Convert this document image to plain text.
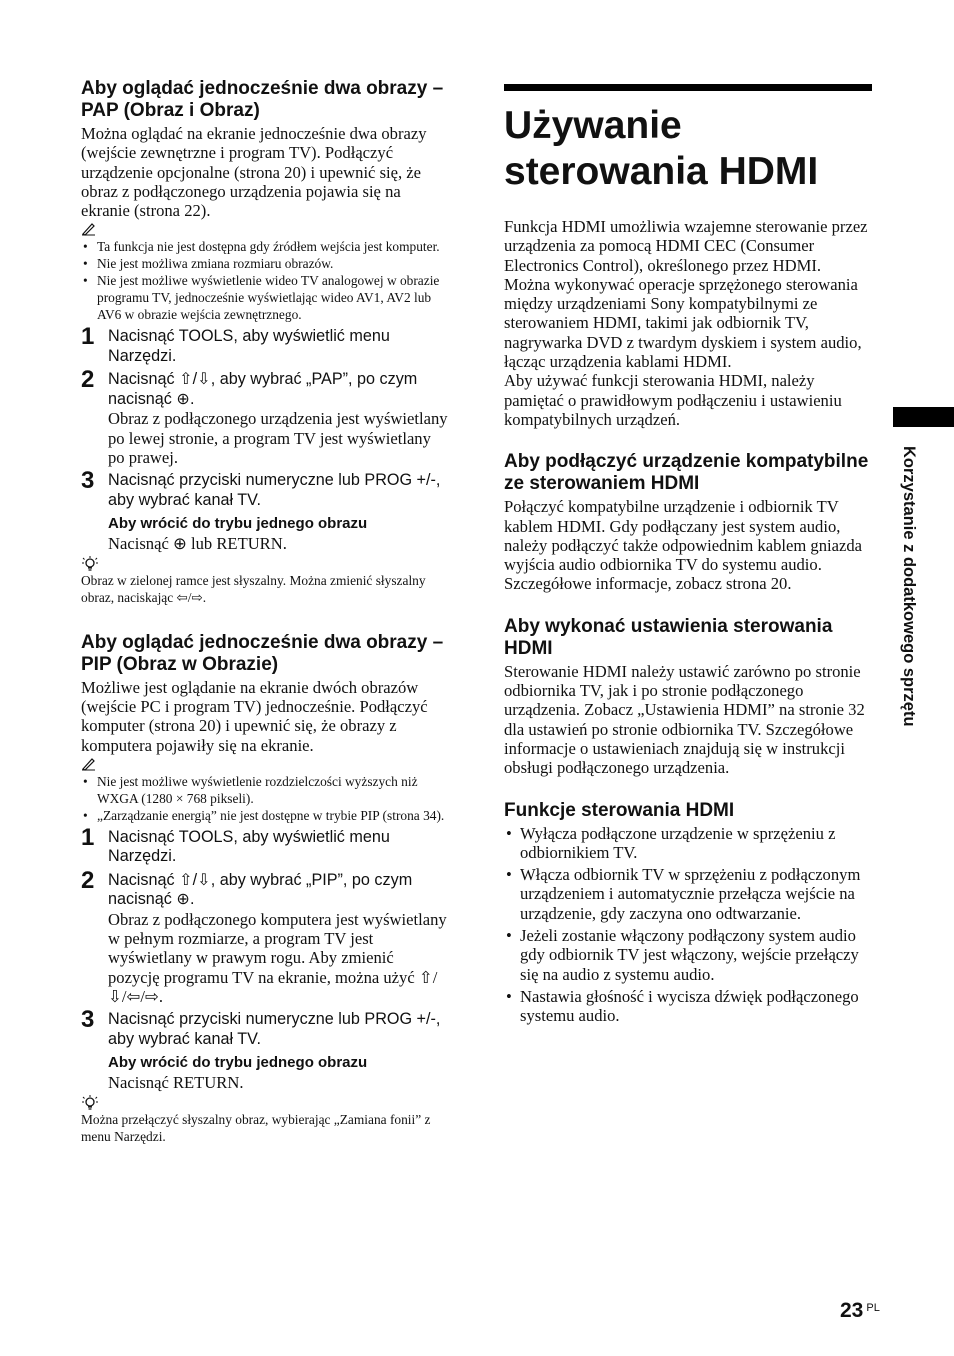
Aby oglądać jednocześnie dwa obrazy – PAP (Obraz i Obraz)

Można oglądać na ekranie jednocześnie dwa obrazy (wejście zewnętrzne i program TV). Podłączyć urządzenie opcjonalne (strona 20) i upewnić się, że obraz z podłączonego urządzenia pojawia się na ekranie (strona 22).

• Ta funkcja nie jest dostępna gdy źródłem wejścia jest komputer.
• Nie jest możliwa zmiana rozmiaru obrazów.
• Nie jest możliwe wyświetlenie wideo TV analogowej w obrazie programu TV, jednocześnie wyświetlając wideo AV1, AV2 lub AV6 w obrazie wejścia zewnętrznego.
1 Nacisnąć TOOLS, aby wyświetlić menu Narzędzi.

2 Nacisnąć ⇧/⇩, aby wybrać „PAP”, po czym nacisnąć ⊕.

Obraz z podłączonego urządzenia jest wyświetlany po lewej stronie, a program TV jest wyświetlany po prawej.

3 Nacisnąć przyciski numeryczne lub PROG +/-, aby wybrać kanał TV.

Aby wrócić do trybu jednego obrazu

Nacisnąć ⊕ lub RETURN.

Obraz w zielonej ramce jest słyszalny. Można zmienić słyszalny obraz, naciskając ⇦/⇨.

Aby oglądać jednocześnie dwa obrazy – PIP (Obraz w Obrazie)

Możliwe jest oglądanie na ekranie dwóch obrazów (wejście PC i program TV) jednocześnie. Podłączyć komputer (strona 20) i upewnić się, że obrazy z komputera pojawiły się na ekranie.

• Nie jest możliwe wyświetlenie rozdzielczości wyższych niż WXGA (1280 × 768 pikseli).
• „Zarządzanie energią” nie jest dostępne w trybie PIP (strona 34).
1 Nacisnąć TOOLS, aby wyświetlić menu Narzędzi.

2 Nacisnąć ⇧/⇩, aby wybrać „PIP”, po czym nacisnąć ⊕.

Obraz z podłączonego komputera jest wyświetlany w pełnym rozmiarze, a program TV jest wyświetlany w prawym rogu. Aby zmienić pozycję programu TV na ekranie, można użyć ⇧/⇩/⇦/⇨.

3 Nacisnąć przyciski numeryczne lub PROG +/-, aby wybrać kanał TV.

Aby wrócić do trybu jednego obrazu

Nacisnąć RETURN.

Można przełączyć słyszalny obraz, wybierając „Zamiana fonii” z menu Narzędzi.

Używanie sterowania HDMI

Funkcja HDMI umożliwia wzajemne sterowanie przez urządzenia za pomocą HDMI CEC (Consumer Electronics Control), określonego przez HDMI.

Można wykonywać operacje sprzężonego sterowania między urządzeniami Sony kompatybilnymi ze sterowaniem HDMI, takimi jak odbiornik TV, nagrywarka DVD z twardym dyskiem i system audio, łącząc urządzenia kablami HDMI.

Aby używać funkcji sterowania HDMI, należy pamiętać o prawidłowym podłączeniu i ustawieniu kompatybilnych urządzeń.

Aby podłączyć urządzenie kompatybilne ze sterowaniem HDMI

Połączyć kompatybilne urządzenie i odbiornik TV kablem HDMI. Gdy podłączany jest system audio, należy podłączyć także odpowiednim kablem gniazda wyjścia audio odbiornika TV do systemu audio. Szczegółowe informacje, zobacz strona 20.

Aby wykonać ustawienia sterowania HDMI

Sterowanie HDMI należy ustawić zarówno po stronie odbiornika TV, jak i po stronie podłączonego urządzenia. Zobacz „Ustawienia HDMI” na stronie 32 dla ustawień po stronie odbiornika TV. Szczegółowe informacje o ustawieniach znajdują się w instrukcji obsługi podłączonego urządzenia.

Funkcje sterowania HDMI
• Wyłącza podłączone urządzenie w sprzężeniu z odbiornikiem TV.
• Włącza odbiornik TV w sprzężeniu z podłączonym urządzeniem i automatycznie przełącza wejście na urządzenie, gdy zaczyna ono odtwarzanie.
• Jeżeli zostanie włączony podłączony system audio gdy odbiornik TV jest włączony, wejście przełączy się na audio z systemu audio.
• Nastawia głośność i wycisza dźwięk podłączonego systemu audio.
Korzystanie z dodatkowego sprzętu
23 $^{PL}$
